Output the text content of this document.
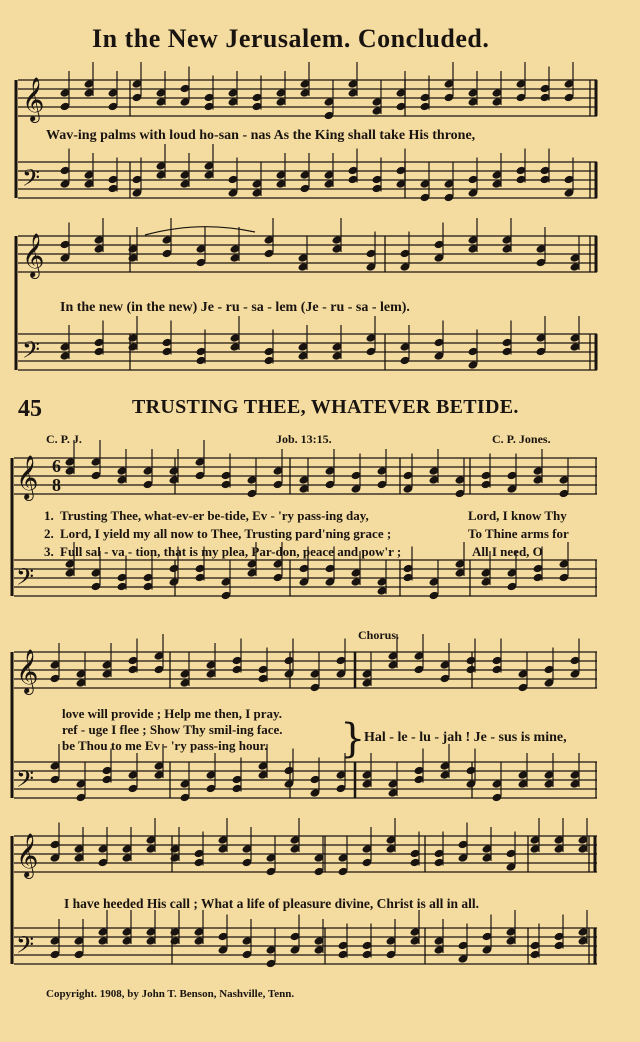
In the New Jerusalem. Concluded.
𝄞
𝄢
Wav-ing palms with loud ho-san - nas As the King shall take His throne,
𝄞
𝄢
In the new (in the new) Je - ru - sa - lem (Je - ru - sa - lem).
45	TRUSTING THEE, WHATEVER BETIDE.
C. P. J.	Job. 13:15.	C. P. Jones.
𝄞
𝄢
6
8
1. Trusting Thee, what-ev-er be-tide, Ev - 'ry pass-ing day,	Lord, I know Thy
2. Lord, I yield my all now to Thee, Trusting pard'ning grace ;	To Thine arms for
3. Full sal - va - tion, that is my plea, Par-don, peace and pow'r ;	All I need, O
Chorus.
𝄞
𝄢
}
love will provide ; Help me then, I pray.
ref - uge I flee ; Show Thy smil-ing face.
be Thou to me Ev - 'ry pass-ing hour.
Hal - le - lu - jah ! Je - sus is mine,
𝄞
𝄢
I have heeded His call ; What a life of pleasure divine, Christ is all in all.
Copyright. 1908, by John T. Benson, Nashville, Tenn.
